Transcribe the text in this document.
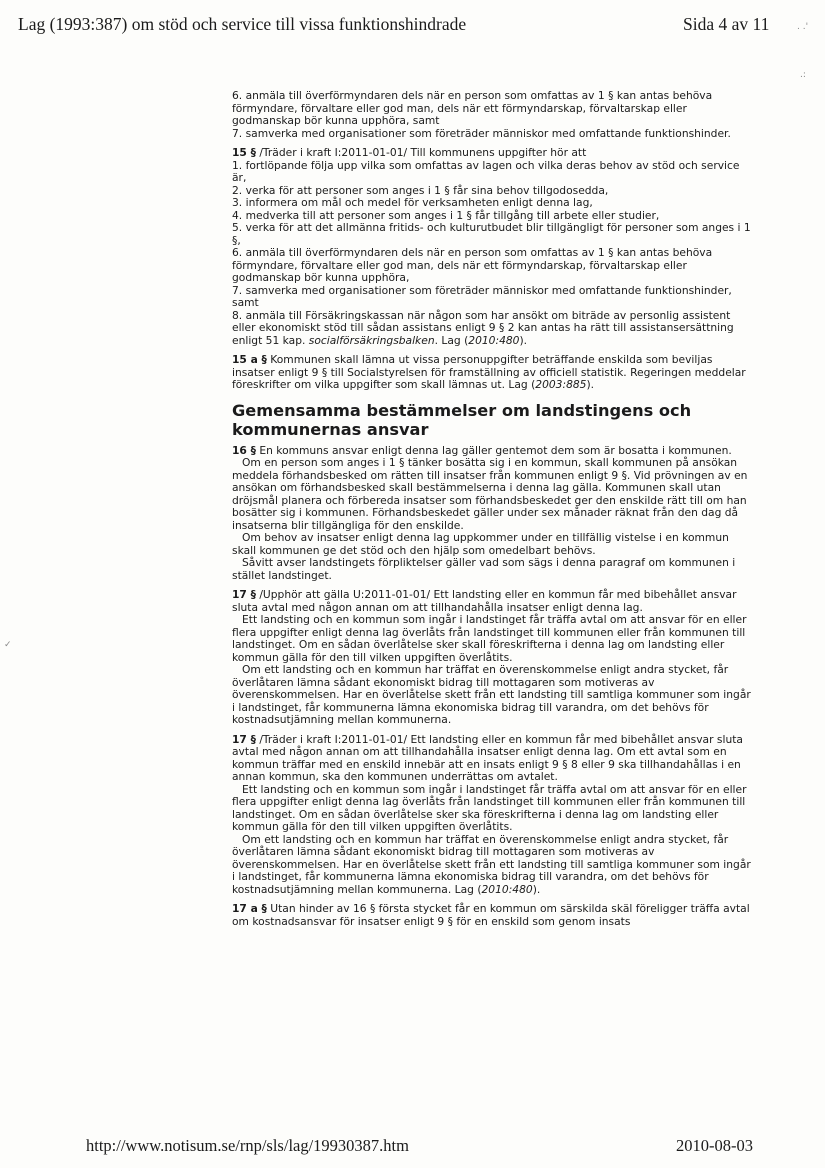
Lag (1993:387) om stöd och service till vissa funktionshindrade	Sida 4 av 11	. .'
.:
✓

6. anmäla till överförmyndaren dels när en person som omfattas av 1 § kan antas behöva förmyndare, förvaltare eller god man, dels när ett förmyndarskap, förvaltarskap eller godmanskap bör kunna upphöra, samt

7. samverka med organisationer som företräder människor med omfattande funktionshinder.

15 § /Träder i kraft I:2011-01-01/ Till kommunens uppgifter hör att

1. fortlöpande följa upp vilka som omfattas av lagen och vilka deras behov av stöd och service är,

2. verka för att personer som anges i 1 § får sina behov tillgodosedda,

3. informera om mål och medel för verksamheten enligt denna lag,

4. medverka till att personer som anges i 1 § får tillgång till arbete eller studier,

5. verka för att det allmänna fritids- och kulturutbudet blir tillgängligt för personer som anges i 1 §,

6. anmäla till överförmyndaren dels när en person som omfattas av 1 § kan antas behöva förmyndare, förvaltare eller god man, dels när ett förmyndarskap, förvaltarskap eller godmanskap bör kunna upphöra,

7. samverka med organisationer som företräder människor med omfattande funktionshinder, samt

8. anmäla till Försäkringskassan när någon som har ansökt om biträde av personlig assistent eller ekonomiskt stöd till sådan assistans enligt 9 § 2 kan antas ha rätt till assistansersättning enligt 51 kap. socialförsäkringsbalken. Lag (2010:480).

15 a § Kommunen skall lämna ut vissa personuppgifter beträffande enskilda som beviljas insatser enligt 9 § till Socialstyrelsen för framställning av officiell statistik. Regeringen meddelar föreskrifter om vilka uppgifter som skall lämnas ut. Lag (2003:885).

Gemensamma bestämmelser om landstingens och kommunernas ansvar

16 § En kommuns ansvar enligt denna lag gäller gentemot dem som är bosatta i kommunen.

Om en person som anges i 1 § tänker bosätta sig i en kommun, skall kommunen på ansökan meddela förhandsbesked om rätten till insatser från kommunen enligt 9 §. Vid prövningen av en ansökan om förhandsbesked skall bestämmelserna i denna lag gälla. Kommunen skall utan dröjsmål planera och förbereda insatser som förhandsbeskedet ger den enskilde rätt till om han bosätter sig i kommunen. Förhandsbeskedet gäller under sex månader räknat från den dag då insatserna blir tillgängliga för den enskilde.

Om behov av insatser enligt denna lag uppkommer under en tillfällig vistelse i en kommun skall kommunen ge det stöd och den hjälp som omedelbart behövs.

Såvitt avser landstingets förpliktelser gäller vad som sägs i denna paragraf om kommunen i stället landstinget.

17 § /Upphör att gälla U:2011-01-01/ Ett landsting eller en kommun får med bibehållet ansvar sluta avtal med någon annan om att tillhandahålla insatser enligt denna lag.

Ett landsting och en kommun som ingår i landstinget får träffa avtal om att ansvar för en eller flera uppgifter enligt denna lag överlåts från landstinget till kommunen eller från kommunen till landstinget. Om en sådan överlåtelse sker skall föreskrifterna i denna lag om landsting eller kommun gälla för den till vilken uppgiften överlåtits.

Om ett landsting och en kommun har träffat en överenskommelse enligt andra stycket, får överlåtaren lämna sådant ekonomiskt bidrag till mottagaren som motiveras av överenskommelsen. Har en överlåtelse skett från ett landsting till samtliga kommuner som ingår i landstinget, får kommunerna lämna ekonomiska bidrag till varandra, om det behövs för kostnadsutjämning mellan kommunerna.

17 § /Träder i kraft I:2011-01-01/ Ett landsting eller en kommun får med bibehållet ansvar sluta avtal med någon annan om att tillhandahålla insatser enligt denna lag. Om ett avtal som en kommun träffar med en enskild innebär att en insats enligt 9 § 8 eller 9 ska tillhandahållas i en annan kommun, ska den kommunen underrättas om avtalet.

Ett landsting och en kommun som ingår i landstinget får träffa avtal om att ansvar för en eller flera uppgifter enligt denna lag överlåts från landstinget till kommunen eller från kommunen till landstinget. Om en sådan överlåtelse sker ska föreskrifterna i denna lag om landsting eller kommun gälla för den till vilken uppgiften överlåtits.

Om ett landsting och en kommun har träffat en överenskommelse enligt andra stycket, får överlåtaren lämna sådant ekonomiskt bidrag till mottagaren som motiveras av överenskommelsen. Har en överlåtelse skett från ett landsting till samtliga kommuner som ingår i landstinget, får kommunerna lämna ekonomiska bidrag till varandra, om det behövs för kostnadsutjämning mellan kommunerna. Lag (2010:480).

17 a § Utan hinder av 16 § första stycket får en kommun om särskilda skäl föreligger träffa avtal om kostnadsansvar för insatser enligt 9 § för en enskild som genom insats

http://www.notisum.se/rnp/sls/lag/19930387.htm	2010-08-03
